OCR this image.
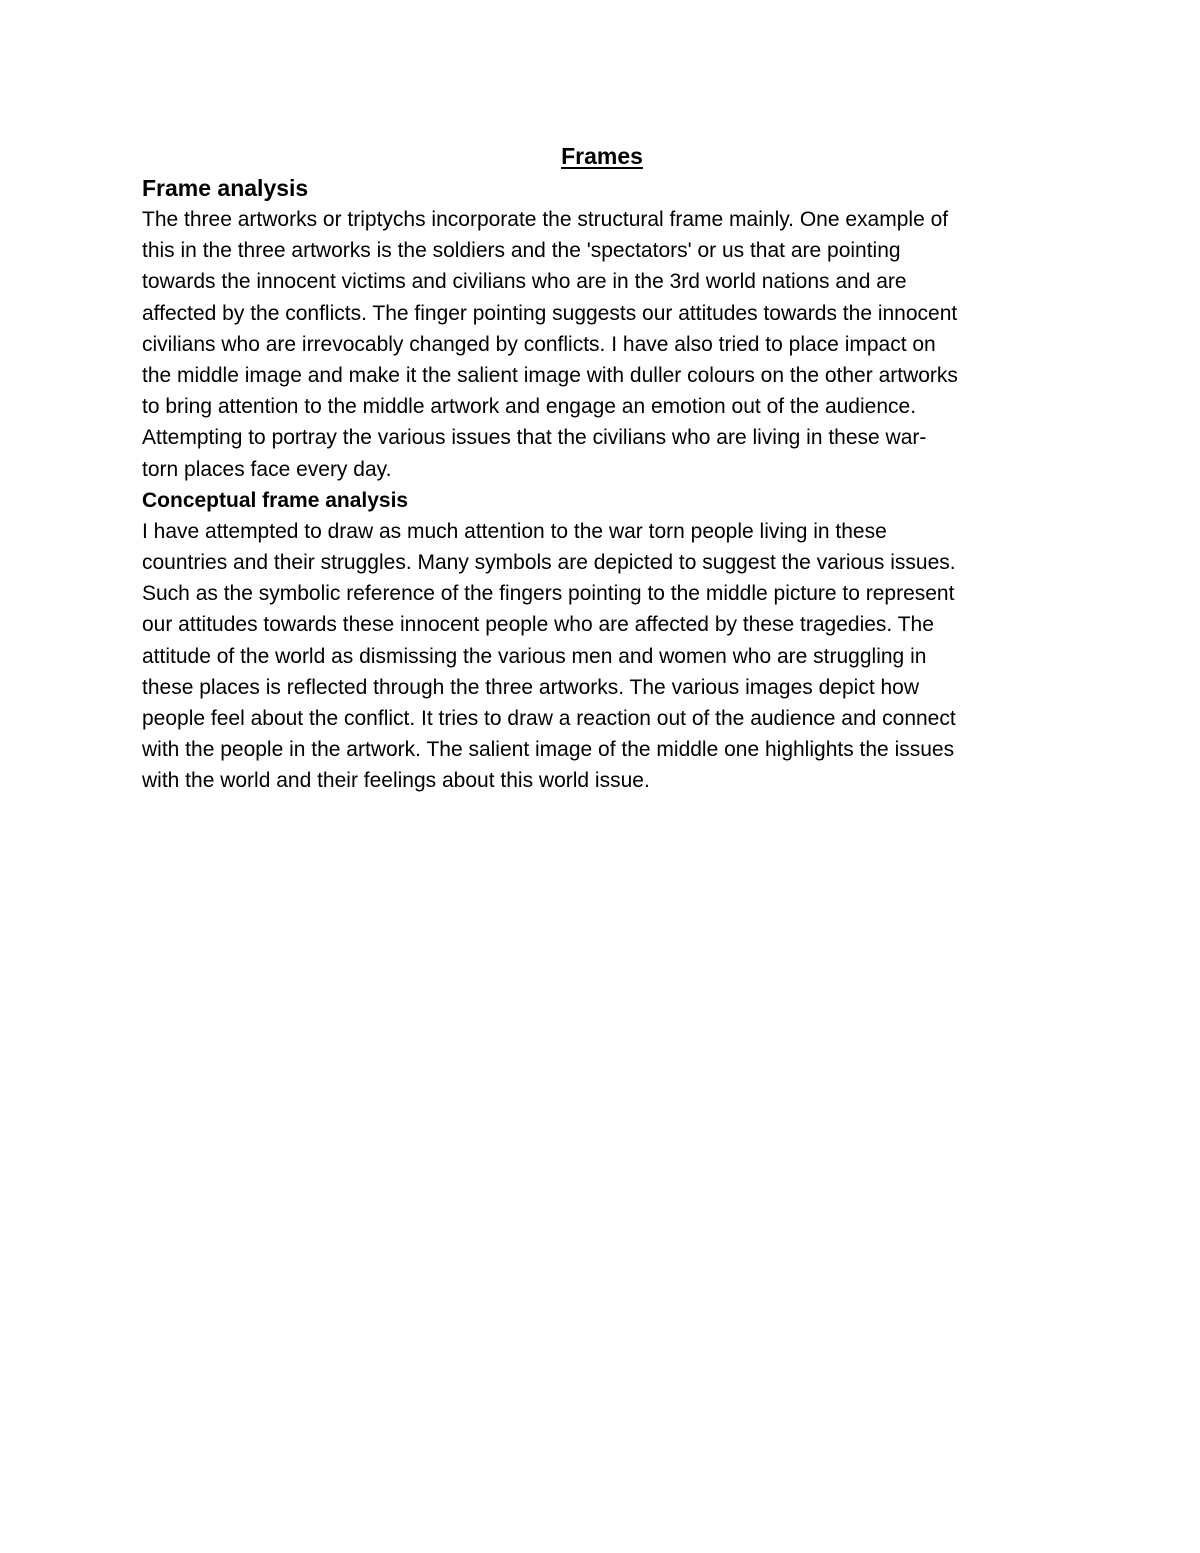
Frames
Frame analysis

The three artworks or triptychs incorporate the structural frame mainly. One example of
this in the three artworks is the soldiers and the 'spectators' or us that are pointing
towards the innocent victims and civilians who are in the 3rd world nations and are
affected by the conflicts. The finger pointing suggests our attitudes towards the innocent
civilians who are irrevocably changed by conflicts. I have also tried to place impact on
the middle image and make it the salient image with duller colours on the other artworks
to bring attention to the middle artwork and engage an emotion out of the audience.
Attempting to portray the various issues that the civilians who are living in these war-
torn places face every day.

Conceptual frame analysis

I have attempted to draw as much attention to the war torn people living in these
countries and their struggles. Many symbols are depicted to suggest the various issues.
Such as the symbolic reference of the fingers pointing to the middle picture to represent
our attitudes towards these innocent people who are affected by these tragedies. The
attitude of the world as dismissing the various men and women who are struggling in
these places is reflected through the three artworks. The various images depict how
people feel about the conflict. It tries to draw a reaction out of the audience and connect
with the people in the artwork. The salient image of the middle one highlights the issues
with the world and their feelings about this world issue.
